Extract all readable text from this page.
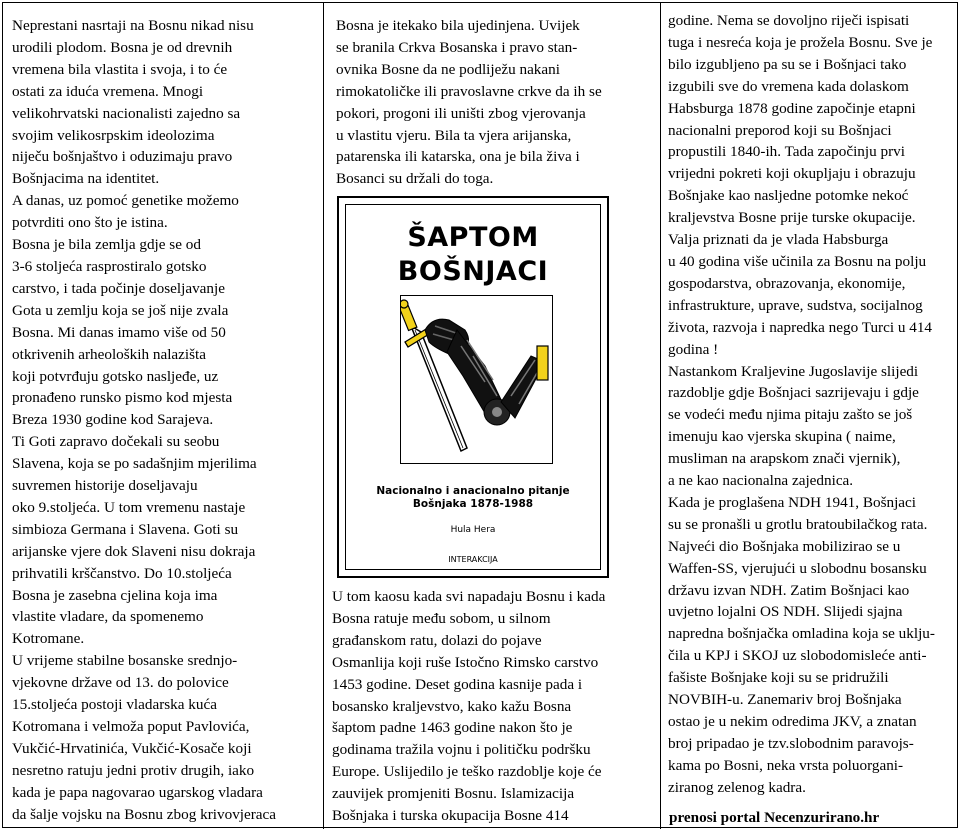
Neprestani nasrtaji na Bosnu nikad nisu
urodili plodom. Bosna je od drevnih
vremena bila vlastita i svoja, i to će
ostati za iduća vremena. Mnogi
velikohrvatski nacionalisti zajedno sa
svojim velikosrpskim ideolozima
niječu bošnjaštvo i oduzimaju pravo
Bošnjacima na identitet.
A danas, uz pomoć genetike možemo
potvrditi ono što je istina.
Bosna je bila zemlja gdje se od
3-6 stoljeća rasprostiralo gotsko
carstvo, i tada počinje doseljavanje
Gota u zemlju koja se još nije zvala
Bosna. Mi danas imamo više od 50
otkrivenih arheoloških nalazišta
koji potvrđuju gotsko nasljeđe, uz
pronađeno runsko pismo kod mjesta
Breza 1930 godine kod Sarajeva.
Ti Goti zapravo dočekali su seobu
Slavena, koja se po sadašnjim mjerilima
suvremen historije doseljavaju
oko 9.stoljeća. U tom vremenu nastaje
simbioza Germana i Slavena. Goti su
arijanske vjere dok Slaveni nisu dokraja
prihvatili krščanstvo. Do 10.stoljeća
Bosna je zasebna cjelina koja ima
vlastite vladare, da spomenemo
Kotromane.
U vrijeme stabilne bosanske srednjo-
vjekovne države od 13. do polovice
15.stoljeća postoji vladarska kuća
Kotromana i velmoža poput Pavlovića,
Vukčić-Hrvatinića, Vukčić-Kosače koji
nesretno ratuju jedni protiv drugih, iako
kada je papa nagovarao ugarskog vladara
da šalje vojsku na Bosnu zbog krivovjeraca
Bosna je itekako bila ujedinjena. Uvijek
se branila Crkva Bosanska i pravo stan-
ovnika Bosne da ne podliježu nakani
rimokatoličke ili pravoslavne crkve da ih se
pokori, progoni ili uništi zbog vjerovanja
u vlastitu vjeru. Bila ta vjera arijanska,
patarenska ili katarska, ona je bila živa i
Bosanci su držali do toga.
ŠAPTOM
BOŠNJACI
Nacionalno i anacionalno pitanje
Bošnjaka 1878-1988
Hula Hera
INTERAKCIJA
U tom kaosu kada svi napadaju Bosnu i kada
Bosna ratuje među sobom, u silnom
građanskom ratu, dolazi do pojave
Osmanlija koji ruše Istočno Rimsko carstvo
1453 godine. Deset godina kasnije pada i
bosansko kraljevstvo, kako kažu Bosna
šaptom padne 1463 godine nakon što je
godinama tražila vojnu i političku podršku
Europe. Uslijedilo je teško razdoblje koje će
zauvijek promjeniti Bosnu. Islamizacija
Bošnjaka i turska okupacija Bosne 414
godine. Nema se dovoljno riječi ispisati
tuga i nesreća koja je prožela Bosnu. Sve je
bilo izgubljeno pa su se i Bošnjaci tako
izgubili sve do vremena kada dolaskom
Habsburga 1878 godine započinje etapni
nacionalni preporod koji su Bošnjaci
propustili 1840-ih. Tada započinju prvi
vrijedni pokreti koji okupljaju i obrazuju
Bošnjake kao nasljedne potomke nekoć
kraljevstva Bosne prije turske okupacije.
Valja priznati da je vlada Habsburga
u 40 godina više učinila za Bosnu na polju
gospodarstva, obrazovanja, ekonomije,
infrastrukture, uprave, sudstva, socijalnog
života, razvoja i napredka nego Turci u 414
godina !
Nastankom Kraljevine Jugoslavije slijedi
razdoblje gdje Bošnjaci sazrijevaju i gdje
se vodeći među njima pitaju zašto se još
imenuju kao vjerska skupina ( naime,
musliman na arapskom znači vjernik),
a ne kao nacionalna zajednica.
Kada je proglašena NDH 1941, Bošnjaci
su se pronašli u grotlu bratoubilačkog rata.
Najveći dio Bošnjaka mobilizirao se u
Waffen-SS, vjerujući u slobodnu bosansku
državu izvan NDH. Zatim Bošnjaci kao
uvjetno lojalni OS NDH. Slijedi sjajna
napredna bošnjačka omladina koja se uklju-
čila u KPJ i SKOJ uz slobodomisleće anti-
fašiste Bošnjake koji su se pridružili
NOVBIH-u. Zanemariv broj Bošnjaka
ostao je u nekim odredima JKV, a znatan
broj pripadao je tzv.slobodnim paravojs-
kama po Bosni, neka vrsta poluorgani-
ziranog zelenog kadra.
prenosi portal Necenzurirano.hr
